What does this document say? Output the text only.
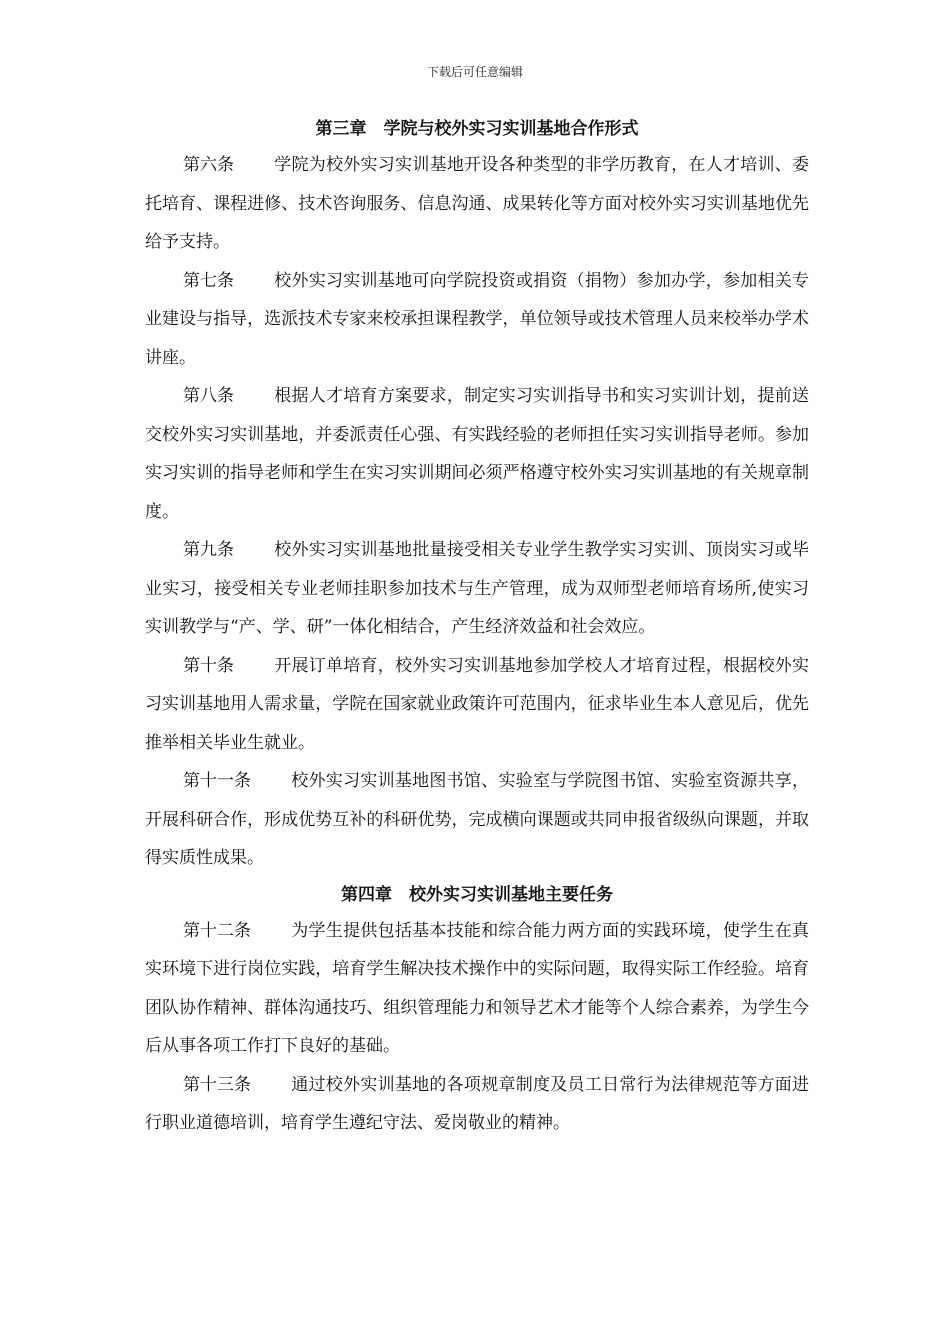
下载后可任意编辑
第三章　学院与校外实习实训基地合作形式

第六条 学院为校外实习实训基地开设各种类型的非学历教育，在人才培训、委托培育、课程进修、技术咨询服务、信息沟通、成果转化等方面对校外实习实训基地优先给予支持。

第七条 校外实习实训基地可向学院投资或捐资（捐物）参加办学，参加相关专业建设与指导，选派技术专家来校承担课程教学，单位领导或技术管理人员来校举办学术讲座。

第八条 根据人才培育方案要求，制定实习实训指导书和实习实训计划，提前送交校外实习实训基地，并委派责任心强、有实践经验的老师担任实习实训指导老师。参加实习实训的指导老师和学生在实习实训期间必须严格遵守校外实习实训基地的有关规章制度。

第九条 校外实习实训基地批量接受相关专业学生教学实习实训、顶岗实习或毕业实习，接受相关专业老师挂职参加技术与生产管理，成为双师型老师培育场所,使实习实训教学与“产、学、研”一体化相结合，产生经济效益和社会效应。

第十条 开展订单培育，校外实习实训基地参加学校人才培育过程，根据校外实习实训基地用人需求量，学院在国家就业政策许可范围内，征求毕业生本人意见后，优先推举相关毕业生就业。

第十一条 校外实习实训基地图书馆、实验室与学院图书馆、实验室资源共享，开展科研合作，形成优势互补的科研优势，完成横向课题或共同申报省级纵向课题，并取得实质性成果。

第四章　校外实习实训基地主要任务

第十二条 为学生提供包括基本技能和综合能力两方面的实践环境，使学生在真实环境下进行岗位实践，培育学生解决技术操作中的实际问题，取得实际工作经验。培育团队协作精神、群体沟通技巧、组织管理能力和领导艺术才能等个人综合素养，为学生今后从事各项工作打下良好的基础。

第十三条 通过校外实训基地的各项规章制度及员工日常行为法律规范等方面进行职业道德培训，培育学生遵纪守法、爱岗敬业的精神。
